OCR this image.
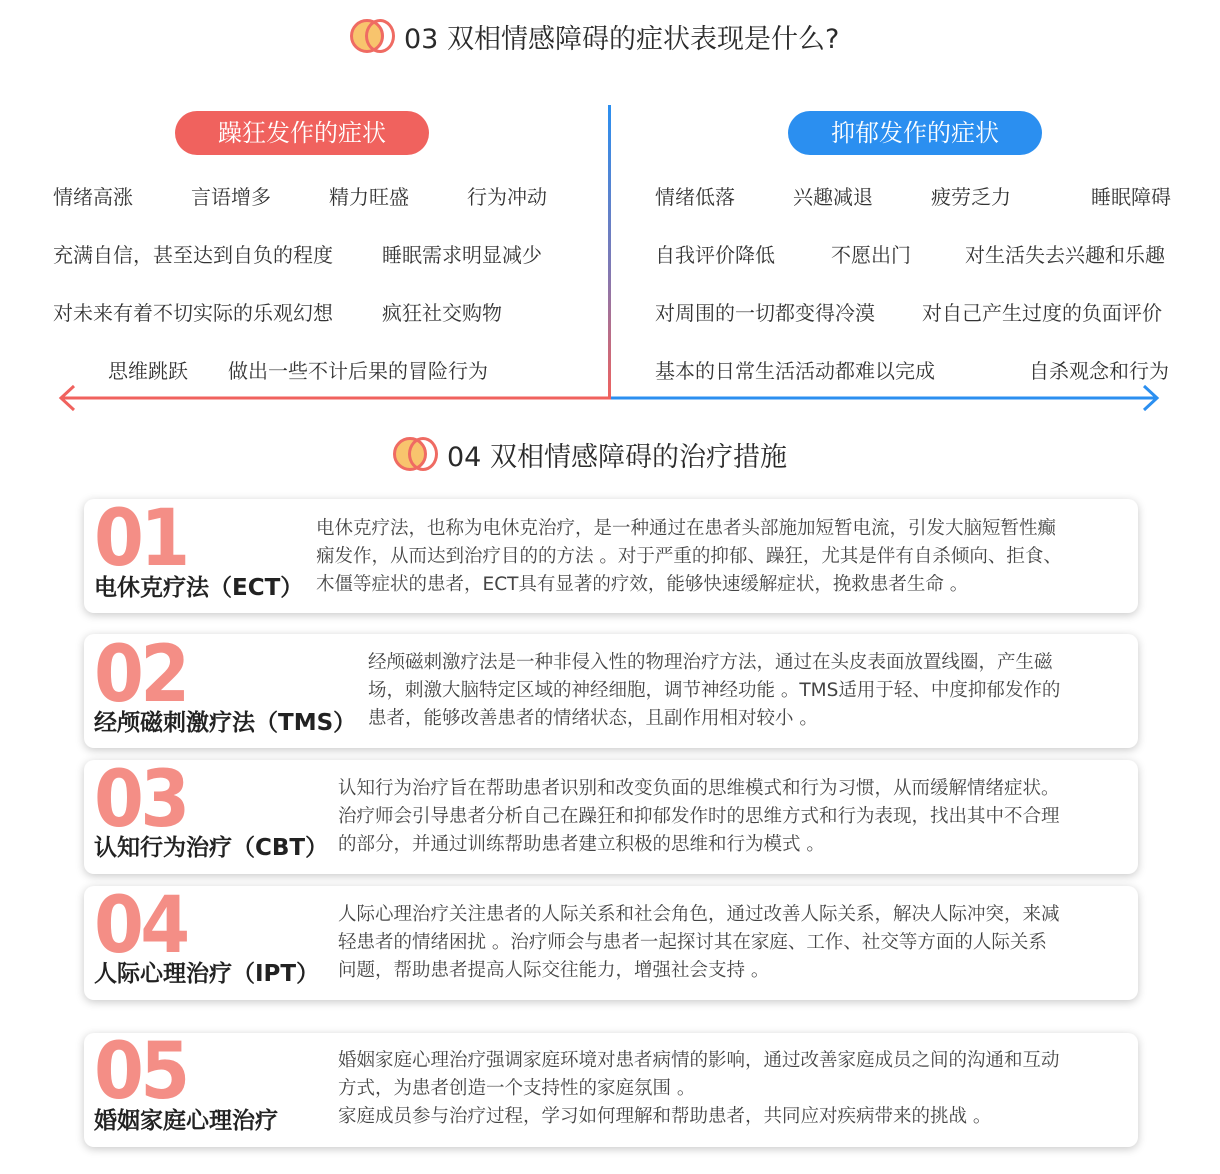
03 双相情感障碍的症状表现是什么?
躁狂发作的症状	抑郁发作的症状
情绪高涨	言语增多	精力旺盛	行为冲动
充满自信，甚至达到自负的程度 睡眠需求明显减少
对未来有着不切实际的乐观幻想 疯狂社交购物
思维跳跃 做出一些不计后果的冒险行为
情绪低落	兴趣减退	疲劳乏力	睡眠障碍
自我评价降低	不愿出门	对生活失去兴趣和乐趣
对周围的一切都变得冷漠 对自己产生过度的负面评价
基本的日常生活活动都难以完成	自杀观念和行为
04 双相情感障碍的治疗措施
01
电休克疗法（ECT）
电休克疗法，也称为电休克治疗，是一种通过在患者头部施加短暂电流，引发大脑短暂性癫
痫发作，从而达到治疗目的的方法 。对于严重的抑郁、躁狂，尤其是伴有自杀倾向、拒食、
木僵等症状的患者，ECT具有显著的疗效，能够快速缓解症状，挽救患者生命 。
02
经颅磁刺激疗法（TMS）
经颅磁刺激疗法是一种非侵入性的物理治疗方法，通过在头皮表面放置线圈，产生磁
场，刺激大脑特定区域的神经细胞，调节神经功能 。TMS适用于轻、中度抑郁发作的
患者，能够改善患者的情绪状态，且副作用相对较小 。
03
认知行为治疗（CBT）
认知行为治疗旨在帮助患者识别和改变负面的思维模式和行为习惯，从而缓解情绪症状。
治疗师会引导患者分析自己在躁狂和抑郁发作时的思维方式和行为表现，找出其中不合理
的部分，并通过训练帮助患者建立积极的思维和行为模式 。
04
人际心理治疗（IPT）
人际心理治疗关注患者的人际关系和社会角色，通过改善人际关系，解决人际冲突，来减
轻患者的情绪困扰 。治疗师会与患者一起探讨其在家庭、工作、社交等方面的人际关系
问题，帮助患者提高人际交往能力，增强社会支持 。
05
婚姻家庭心理治疗
婚姻家庭心理治疗强调家庭环境对患者病情的影响，通过改善家庭成员之间的沟通和互动
方式，为患者创造一个支持性的家庭氛围 。
家庭成员参与治疗过程，学习如何理解和帮助患者，共同应对疾病带来的挑战 。
